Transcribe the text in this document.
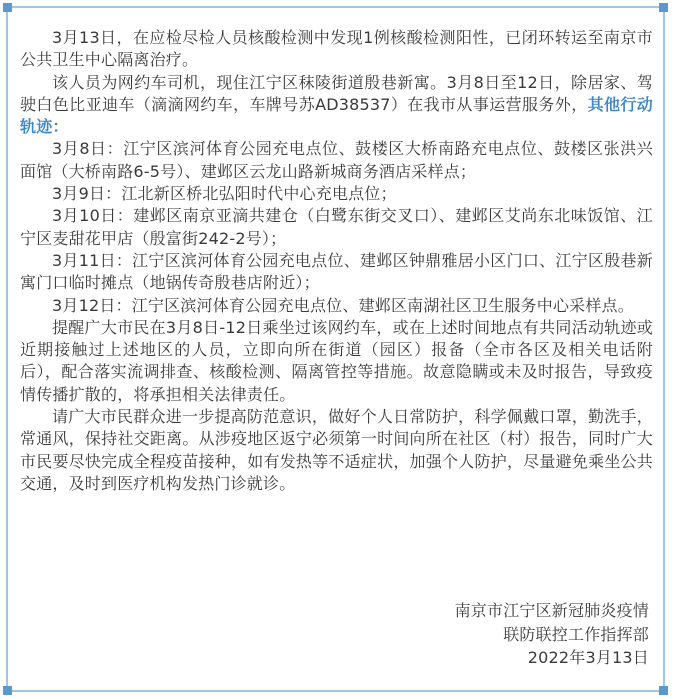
3月13日，在应检尽检人员核酸检测中发现1例核酸检测阳性，已闭环转运至南京市公共卫生中心隔离治疗。

该人员为网约车司机，现住江宁区秣陵街道殷巷新寓。3月8日至12日，除居家、驾驶白色比亚迪车（滴滴网约车，车牌号苏AD38537）在我市从事运营服务外，其他行动轨迹：

3月8日：江宁区滨河体育公园充电点位、鼓楼区大桥南路充电点位、鼓楼区张洪兴面馆（大桥南路6-5号）、建邺区云龙山路新城商务酒店采样点；

3月9日：江北新区桥北弘阳时代中心充电点位；

3月10日：建邺区南京亚滴共建仓（白鹭东街交叉口）、建邺区艾尚东北味饭馆、江宁区麦甜花甲店（殷富街242-2号）；

3月11日：江宁区滨河体育公园充电点位、建邺区钟鼎雅居小区门口、江宁区殷巷新寓门口临时摊点（地锅传奇殷巷店附近）；

3月12日：江宁区滨河体育公园充电点位、建邺区南湖社区卫生服务中心采样点。

提醒广大市民在3月8日-12日乘坐过该网约车，或在上述时间地点有共同活动轨迹或近期接触过上述地区的人员，立即向所在街道（园区）报备（全市各区及相关电话附后），配合落实流调排查、核酸检测、隔离管控等措施。故意隐瞒或未及时报告，导致疫情传播扩散的，将承担相关法律责任。

请广大市民群众进一步提高防范意识，做好个人日常防护，科学佩戴口罩，勤洗手，常通风，保持社交距离。从涉疫地区返宁必须第一时间向所在社区（村）报告，同时广大市民要尽快完成全程疫苗接种，如有发热等不适症状，加强个人防护，尽量避免乘坐公共交通，及时到医疗机构发热门诊就诊。

南京市江宁区新冠肺炎疫情
联防联控工作指挥部
2022年3月13日
